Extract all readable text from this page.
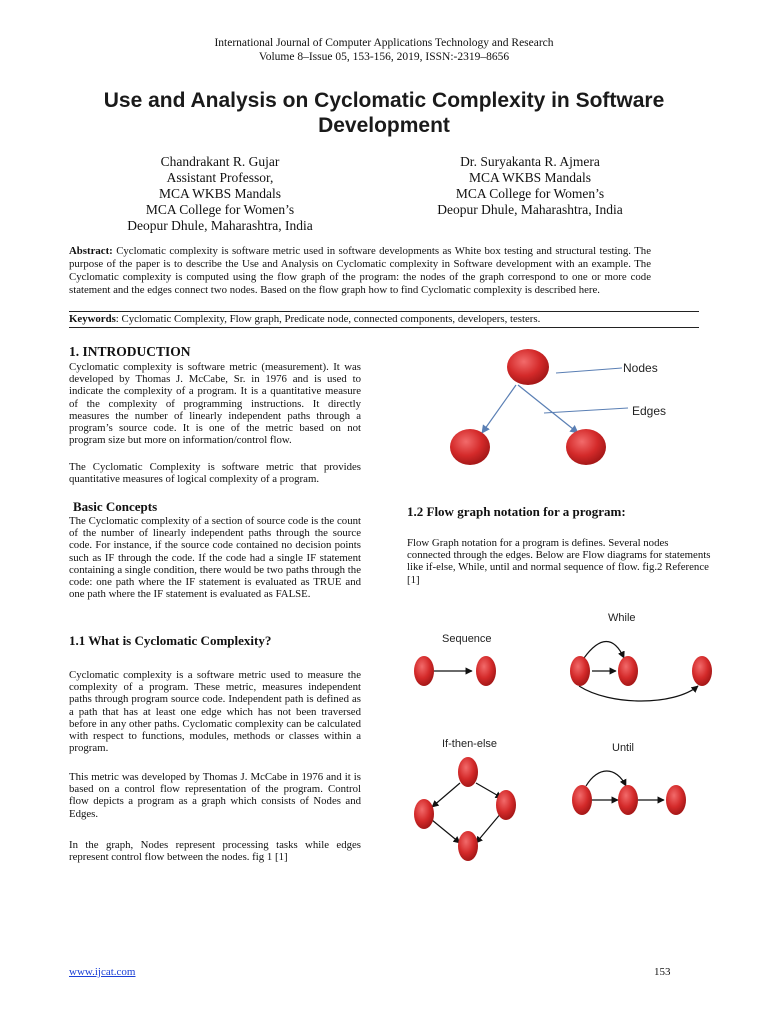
International Journal of Computer Applications Technology and Research
Volume 8–Issue 05, 153-156, 2019, ISSN:-2319–8656
Use and Analysis on Cyclomatic Complexity in Software Development
Chandrakant R. Gujar
Assistant Professor,
MCA WKBS Mandals
MCA College for Women’s
Deopur Dhule, Maharashtra, India
Dr. Suryakanta R. Ajmera
MCA WKBS Mandals
MCA College for Women’s
Deopur Dhule, Maharashtra, India
Abstract: Cyclomatic complexity is software metric used in software developments as White box testing and structural testing. The purpose of the paper is to describe the Use and Analysis on Cyclomatic complexity in Software development with an example. The Cyclomatic complexity is computed using the flow graph of the program: the nodes of the graph correspond to one or more code statement and the edges connect two nodes. Based on the flow graph how to find Cyclomatic complexity is described here.
Keywords: Cyclomatic Complexity, Flow graph, Predicate node, connected components, developers, testers.
1. INTRODUCTION
Cyclomatic complexity is software metric (measurement). It was developed by Thomas J. McCabe, Sr. in 1976 and is used to indicate the complexity of a program. It is a quantitative measure of the complexity of programming instructions. It directly measures the number of linearly independent paths through a program’s source code. It is one of the metric based on not program size but more on information/control flow.
The Cyclomatic Complexity is software metric that provides quantitative measures of logical complexity of a program.
Basic Concepts
The Cyclomatic complexity of a section of source code is the count of the number of linearly independent paths through the source code. For instance, if the source code contained no decision points such as IF through the code. If the code had a single IF statement containing a single condition, there would be two paths through the code: one path where the IF statement is evaluated as TRUE and one path where the IF statement is evaluated as FALSE.
1.1 What is Cyclomatic Complexity?
Cyclomatic complexity is a software metric used to measure the complexity of a program. These metric, measures independent paths through program source code. Independent path is defined as a path that has at least one edge which has not been traversed before in any other paths. Cyclomatic complexity can be calculated with respect to functions, modules, methods or classes within a program.
This metric was developed by Thomas J. McCabe in 1976 and it is based on a control flow representation of the program. Control flow depicts a program as a graph which consists of Nodes and Edges.
In the graph, Nodes represent processing tasks while edges represent control flow between the nodes. fig 1 [1]
1.2 Flow graph notation for a program:
Flow Graph notation for a program is defines. Several nodes connected through the edges. Below are Flow diagrams for statements like if-else, While, until and normal sequence of flow. fig.2 Reference [1]
Nodes
Edges
Sequence
While
If-then-else	Until
www.ijcat.com	153
